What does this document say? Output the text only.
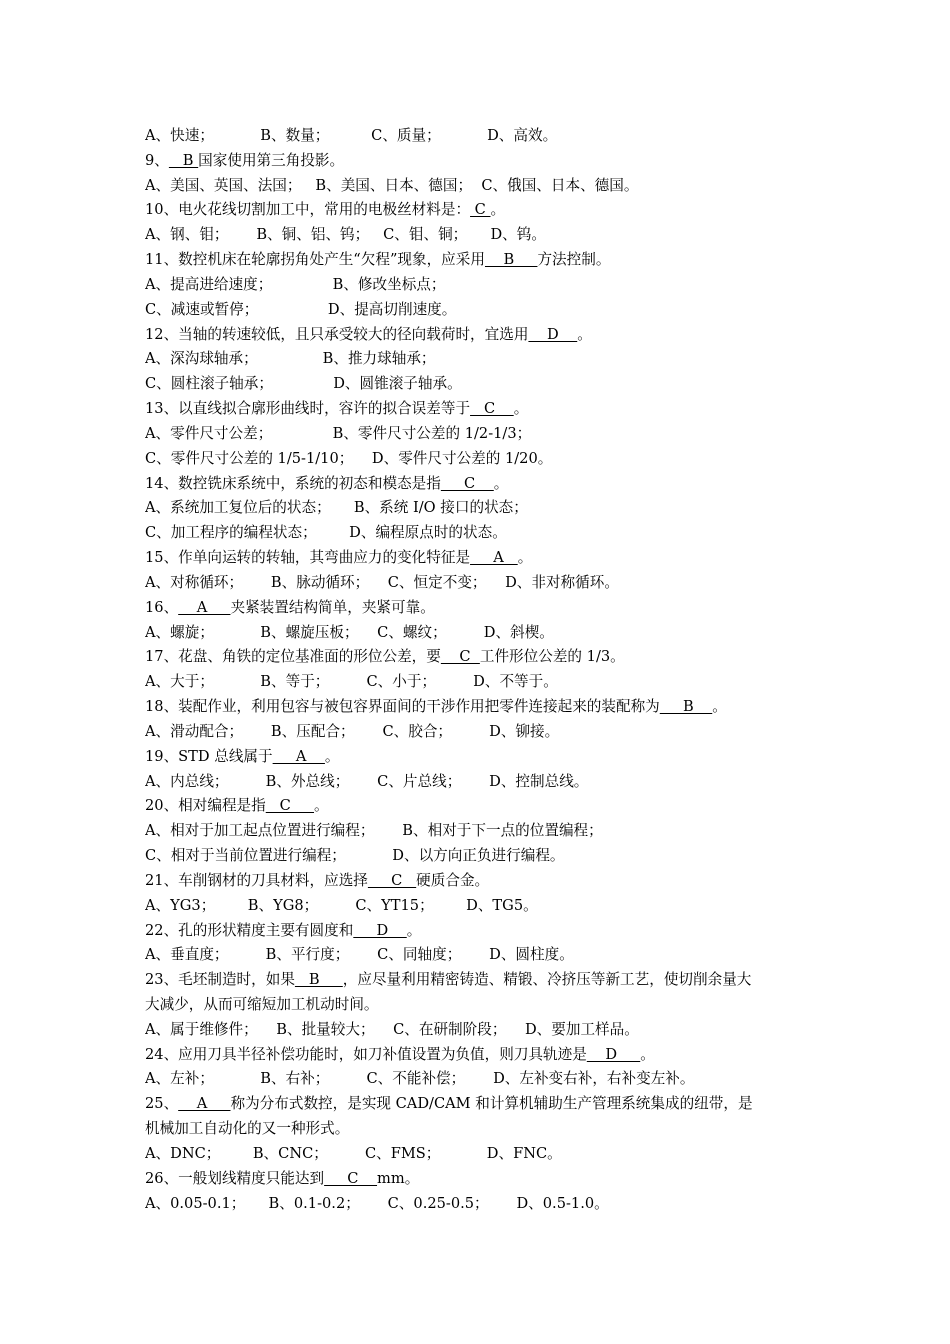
A、快速；          B、数量；         C、质量；          D、高效。
9、   B 国家使用第三角投影。
A、美国、英国、法国；   B、美国、日本、德国；  C、俄国、日本、德国。
10、电火花线切割加工中，常用的电极丝材料是： C 。
A、钢、钼；      B、铜、铝、钨；   C、钼、铜；     D、钨。
11、数控机床在轮廓拐角处产生“欠程”现象，应采用    B     方法控制。
A、提高进给速度；             B、修改坐标点；
C、减速或暂停；               D、提高切削速度。
12、当轴的转速较低，且只承受较大的径向载荷时，宜选用    D    。
A、深沟球轴承；              B、推力球轴承；
C、圆柱滚子轴承；             D、圆锥滚子轴承。
13、以直线拟合廓形曲线时，容许的拟合误差等于   C    。
A、零件尺寸公差；             B、零件尺寸公差的 1/2-1/3；
C、零件尺寸公差的 1/5-1/10；    D、零件尺寸公差的 1/20。
14、数控铣床系统中，系统的初态和模态是指     C    。
A、系统加工复位后的状态；     B、系统 I/O 接口的状态；
C、加工程序的编程状态；       D、编程原点时的状态。
15、作单向运转的转轴，其弯曲应力的变化特征是     A   。
A、对称循环；      B、脉动循环；    C、恒定不变；    D、非对称循环。
16、    A     夹紧装置结构简单，夹紧可靠。
A、螺旋；          B、螺旋压板；    C、螺纹；        D、斜楔。
17、花盘、角铁的定位基准面的形位公差，要    C  工件形位公差的 1/3。
A、大于；          B、等于；        C、小于；        D、不等于。
18、装配作业，利用包容与被包容界面间的干涉作用把零件连接起来的装配称为     B    。
A、滑动配合；      B、压配合；      C、胶合；        D、铆接。
19、STD 总线属于     A    。
A、内总线；        B、外总线；      C、片总线；      D、控制总线。
20、相对编程是指   C     。
A、相对于加工起点位置进行编程；      B、相对于下一点的位置编程；
C、相对于当前位置进行编程；          D、以方向正负进行编程。
21、车削钢材的刀具材料，应选择     C   硬质合金。
A、YG3；       B、YG8；        C、YT15；       D、TG5。
22、孔的形状精度主要有圆度和     D    。
A、垂直度；        B、平行度；      C、同轴度；      D、圆柱度。
23、毛坯制造时，如果   B     ，应尽量利用精密铸造、精锻、冷挤压等新工艺，使切削余量大
大减少，从而可缩短加工机动时间。
A、属于维修件；    B、批量较大；    C、在研制阶段；    D、要加工样品。
24、应用刀具半径补偿功能时，如刀补值设置为负值，则刀具轨迹是    D     。
A、左补；          B、右补；        C、不能补偿；      D、左补变右补，右补变左补。
25、    A     称为分布式数控，是实现 CAD/CAM 和计算机辅助生产管理系统集成的纽带，是
机械加工自动化的又一种形式。
A、DNC；       B、CNC；        C、FMS；          D、FNC。
26、一般划线精度只能达到     C    mm。
A、0.05-0.1；     B、0.1-0.2；      C、0.25-0.5；      D、0.5-1.0。
